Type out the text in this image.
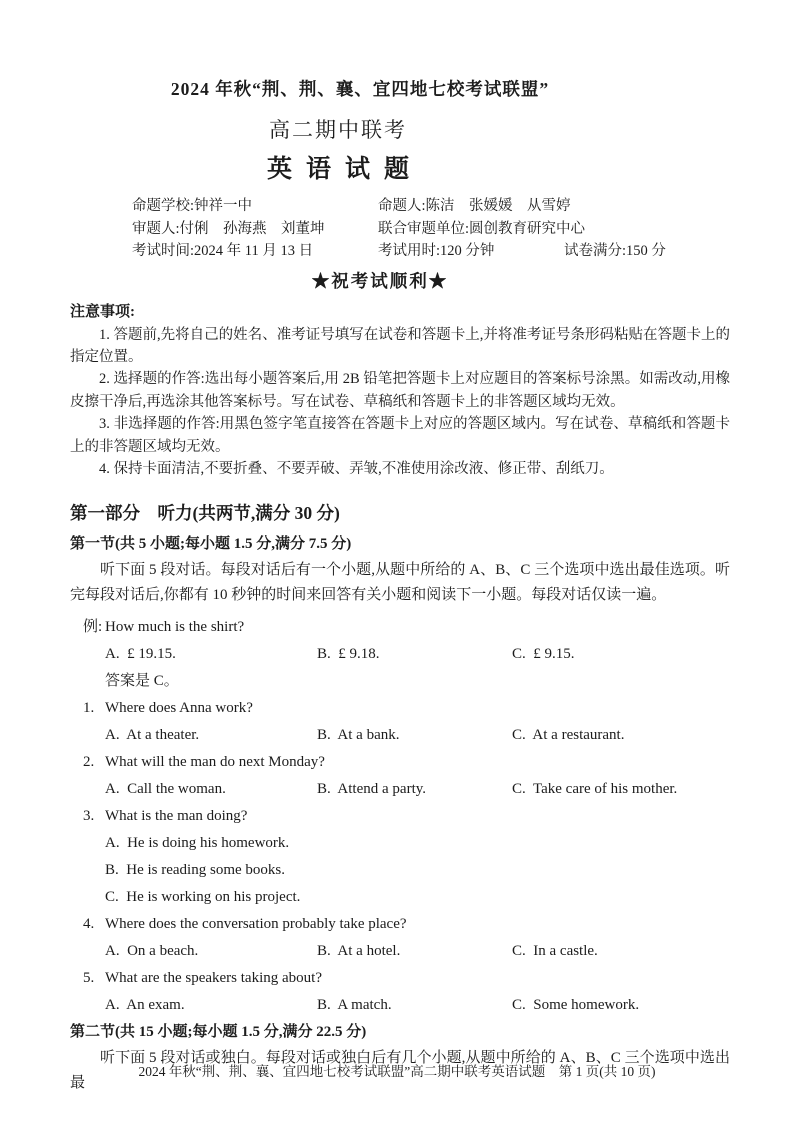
2024 年秋“荆、荆、襄、宜四地七校考试联盟”
高二期中联考
英语试题
命题学校:钟祥一中	命题人:陈洁　张媛媛　从雪婷
审题人:付俐　孙海燕　刘董坤	联合审题单位:圆创教育研究中心
考试时间:2024 年 11 月 13 日	考试用时:120 分钟	试卷满分:150 分
★祝考试顺利★
注意事项:

1. 答题前,先将自己的姓名、准考证号填写在试卷和答题卡上,并将准考证号条形码粘贴在答题卡上的指定位置。

2. 选择题的作答:选出每小题答案后,用 2B 铅笔把答题卡上对应题目的答案标号涂黑。如需改动,用橡皮擦干净后,再选涂其他答案标号。写在试卷、草稿纸和答题卡上的非答题区域均无效。

3. 非选择题的作答:用黑色签字笔直接答在答题卡上对应的答题区域内。写在试卷、草稿纸和答题卡上的非答题区域均无效。

4. 保持卡面清洁,不要折叠、不要弄破、弄皱,不准使用涂改液、修正带、刮纸刀。

第一部分　听力(共两节,满分 30 分)
第一节(共 5 小题;每小题 1.5 分,满分 7.5 分)

听下面 5 段对话。每段对话后有一个小题,从题中所给的 A、B、C 三个选项中选出最佳选项。听完每段对话后,你都有 10 秒钟的时间来回答有关小题和阅读下一小题。每段对话仅读一遍。

例: How much is the shirt?
A.  £ 19.15.	B.  £ 9.18.	C.  £ 9.15.
答案是 C。
1. Where does Anna work?
A.  At a theater.	B.  At a bank.	C.  At a restaurant.
2. What will the man do next Monday?
A.  Call the woman.	B.  Attend a party.	C.  Take care of his mother.
3. What is the man doing?
A.  He is doing his homework.
B.  He is reading some books.
C.  He is working on his project.
4. Where does the conversation probably take place?
A.  On a beach.	B.  At a hotel.	C.  In a castle.
5. What are the speakers taking about?
A.  An exam.	B.  A match.	C.  Some homework.
第二节(共 15 小题;每小题 1.5 分,满分 22.5 分)

听下面 5 段对话或独白。每段对话或独白后有几个小题,从题中所给的 A、B、C 三个选项中选出最

2024 年秋“荆、荆、襄、宜四地七校考试联盟”高二期中联考英语试题　第 1 页(共 10 页)
